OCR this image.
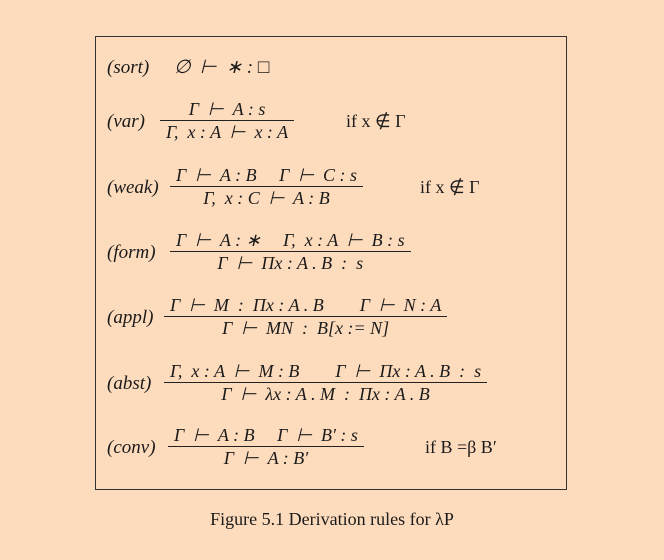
(sort) ∅  ⊢  ∗ : □
(var)
Γ  ⊢  A : s
Γ,  x : A  ⊢  x : A
if x ∉ Γ
(weak)
Γ  ⊢  A : B     Γ  ⊢  C : s
Γ,  x : C  ⊢  A : B
if x ∉ Γ
(form)
Γ  ⊢  A : ∗     Γ,  x : A  ⊢  B : s
Γ  ⊢  Πx : A . B  :  s
(appl)
Γ  ⊢  M  :  Πx : A . B        Γ  ⊢  N : A
Γ  ⊢  MN  :  B[x := N]
(abst)
Γ,  x : A  ⊢  M : B        Γ  ⊢  Πx : A . B  :  s
Γ  ⊢  λx : A . M  :  Πx : A . B
(conv)
Γ  ⊢  A : B     Γ  ⊢  B′ : s
Γ  ⊢  A : B′
if B =β B′
Figure 5.1 Derivation rules for λP
